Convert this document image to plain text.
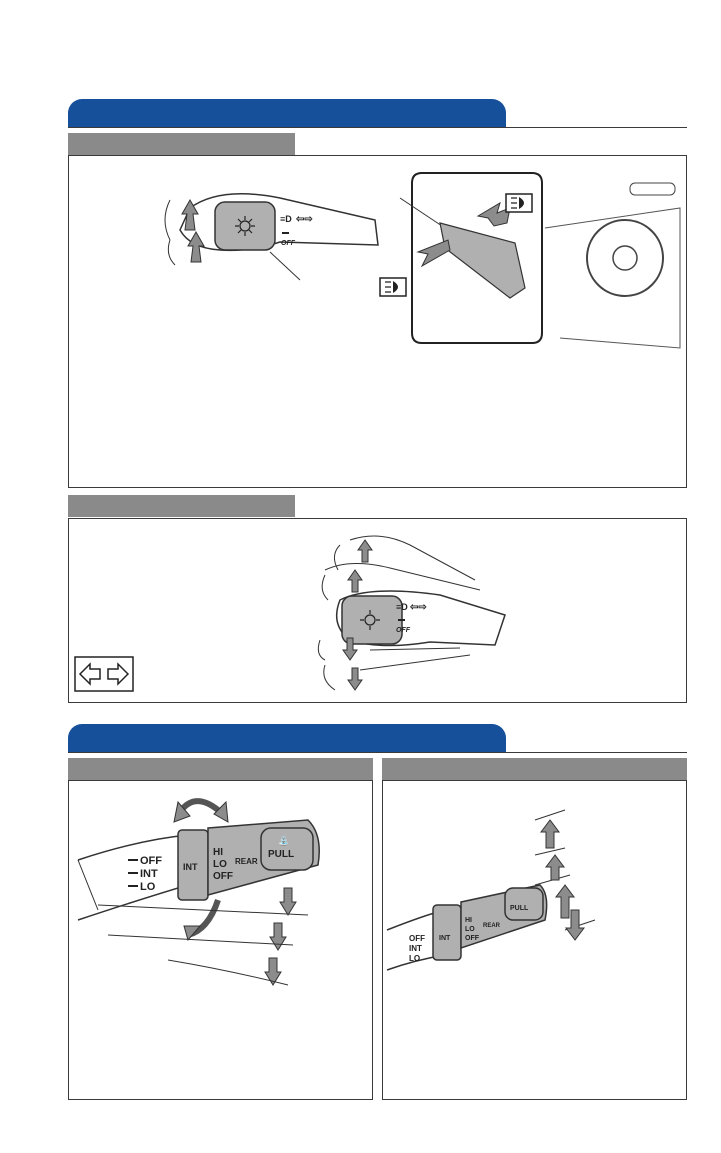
≡D ⇦⇨
OFF
≡D ⇦⇨
OFF
OFF
INT
LO
INT
HI
LO
OFF
REAR
PULL
⛲
OFF
INT
LO
INT
HI
LO
OFF
REAR
PULL
